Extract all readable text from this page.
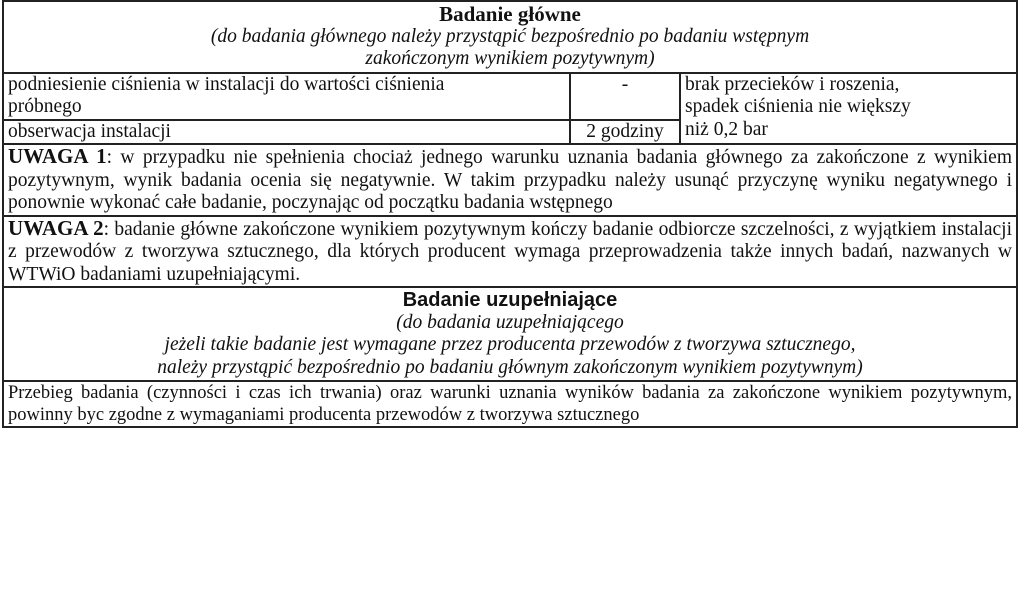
Badanie główne
(do badania głównego należy przystąpić bezpośrednio po badaniu wstępnym
zakończonym wynikiem pozytywnym)		

podniesienie ciśnienia w instalacji do wartości ciśnienia
próbnego	-	brak przecieków i roszenia,
spadek ciśnienia nie większy
niż 0,2 bar

obserwacja instalacji	2 godziny	

UWAGA 1: w przypadku nie spełnienia chociaż jednego warunku uznania badania głównego za zakończone z wynikiem pozytywnym, wynik badania ocenia się negatywnie. W takim przypadku należy usunąć przyczynę wyniku negatywnego i ponownie wykonać całe badanie, poczynając od początku badania wstępnego		

UWAGA 2: badanie główne zakończone wynikiem pozytywnym kończy badanie odbiorcze szczelności, z wyjątkiem instalacji z przewodów z tworzywa sztucznego, dla których producent wymaga przeprowadzenia także innych badań, nazwanych w WTWiO badaniami uzupełniającymi.		

Badanie uzupełniające
(do badania uzupełniającego
jeżeli takie badanie jest wymagane przez producenta przewodów z tworzywa sztucznego,
należy przystąpić bezpośrednio po badaniu głównym zakończonym wynikiem pozytywnym)		

Przebieg badania (czynności i czas ich trwania) oraz warunki uznania wyników badania za zakończone wynikiem pozytywnym, powinny byc zgodne z wymaganiami producenta przewodów z tworzywa sztucznego		
